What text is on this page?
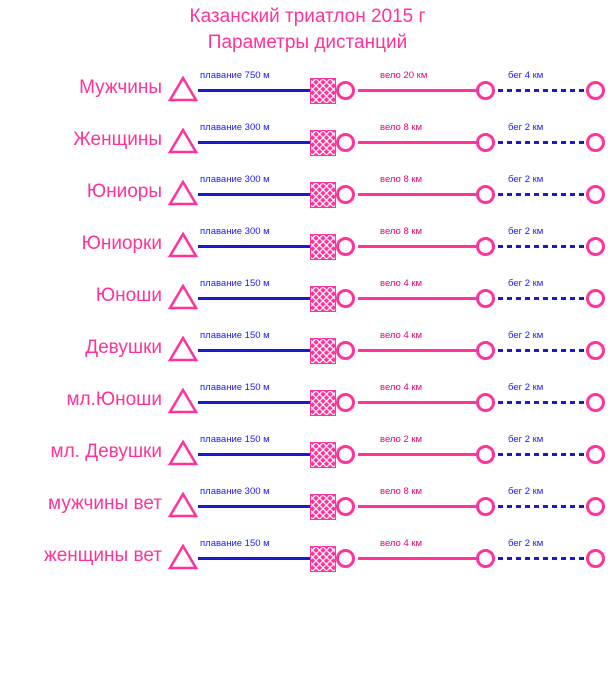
Казанский триатлон 2015 г
Параметры дистанций
Мужчины
плавание 750 м	вело 20 км	бег 4 км
Женщины
плавание 300 м	вело 8 км	бег 2 км
Юниоры
плавание 300 м	вело 8 км	бег 2 км
Юниорки
плавание 300 м	вело 8 км	бег 2 км
Юноши
плавание 150 м	вело 4 км	бег 2 км
Девушки
плавание 150 м	вело 4 км	бег 2 км
мл.Юноши
плавание 150 м	вело 4 км	бег 2 км
мл. Девушки
плавание 150 м	вело 2 км	бег 2 км
мужчины вет
плавание 300 м	вело 8 км	бег 2 км
женщины вет
плавание 150 м	вело 4 км	бег 2 км
